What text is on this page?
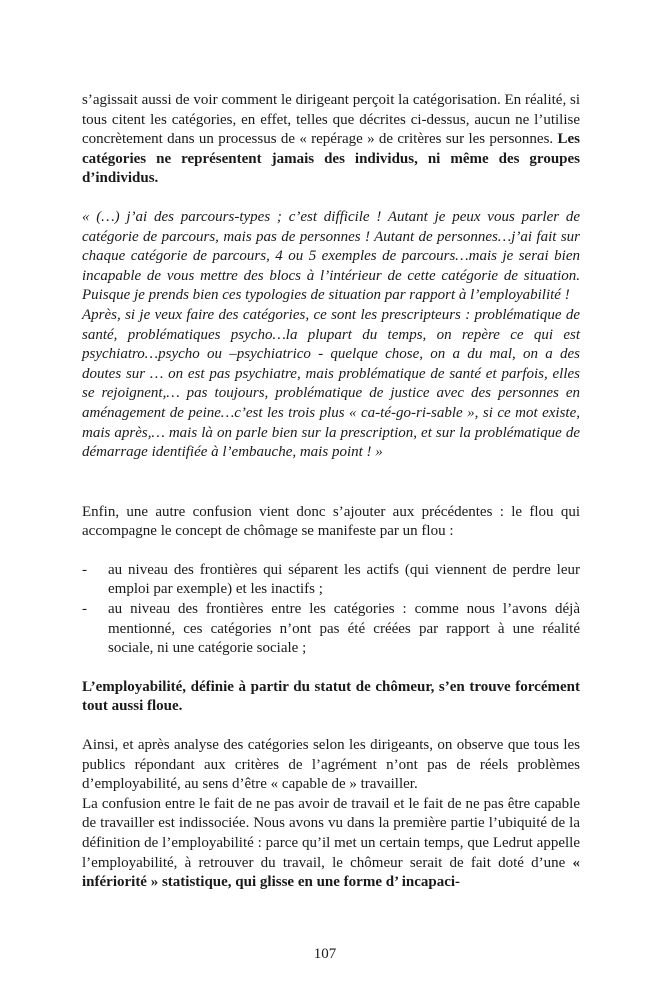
s’agissait aussi de voir comment le dirigeant perçoit la catégorisation. En réalité, si tous citent les catégories, en effet, telles que décrites ci-dessus, aucun ne l’utilise concrètement dans un processus de « repérage » de critères sur les personnes. Les catégories ne représentent jamais des individus, ni même des groupes d’individus.

« (…) j’ai des parcours-types ; c’est difficile ! Autant je peux vous parler de catégorie de parcours, mais pas de personnes ! Autant de personnes…j’ai fait sur chaque catégorie de parcours, 4 ou 5 exemples de parcours…mais je serai bien incapable de vous mettre des blocs à l’intérieur de cette catégorie de situation. Puisque je prends bien ces typologies de situation par rapport à l’employabilité !

Après, si je veux faire des catégories, ce sont les prescripteurs : problématique de santé, problématiques psycho…la plupart du temps, on repère ce qui est psychiatro…psycho ou –psychiatrico - quelque chose, on a du mal, on a des doutes sur … on est pas psychiatre, mais problématique de santé et parfois, elles se rejoignent,… pas toujours, problématique de justice avec des personnes en aménagement de peine…c’est les trois plus « ca-té-go-ri-sable », si ce mot existe, mais après,… mais là on parle bien sur la prescription, et sur la problématique de démarrage identifiée à l’embauche, mais point ! »

Enfin, une autre confusion vient donc s’ajouter aux précédentes : le flou qui accompagne le concept de chômage se manifeste par un flou :

- au niveau des frontières qui séparent les actifs (qui viennent de perdre leur emploi par exemple) et les inactifs ;
- au niveau des frontières entre les catégories : comme nous l’avons déjà mentionné, ces catégories n’ont pas été créées par rapport à une réalité sociale, ni une catégorie sociale ;

L’employabilité, définie à partir du statut de chômeur, s’en trouve forcément tout aussi floue.

Ainsi, et après analyse des catégories selon les dirigeants, on observe que tous les publics répondant aux critères de l’agrément n’ont pas de réels problèmes d’employabilité, au sens d’être « capable de » travailler.

La confusion entre le fait de ne pas avoir de travail et le fait de ne pas être capable de travailler est indissociée. Nous avons vu dans la première partie l’ubiquité de la définition de l’employabilité : parce qu’il met un certain temps, que Ledrut appelle l’employabilité, à retrouver du travail, le chômeur serait de fait doté d’une « infériorité » statistique, qui glisse en une forme d’ incapaci-

107
